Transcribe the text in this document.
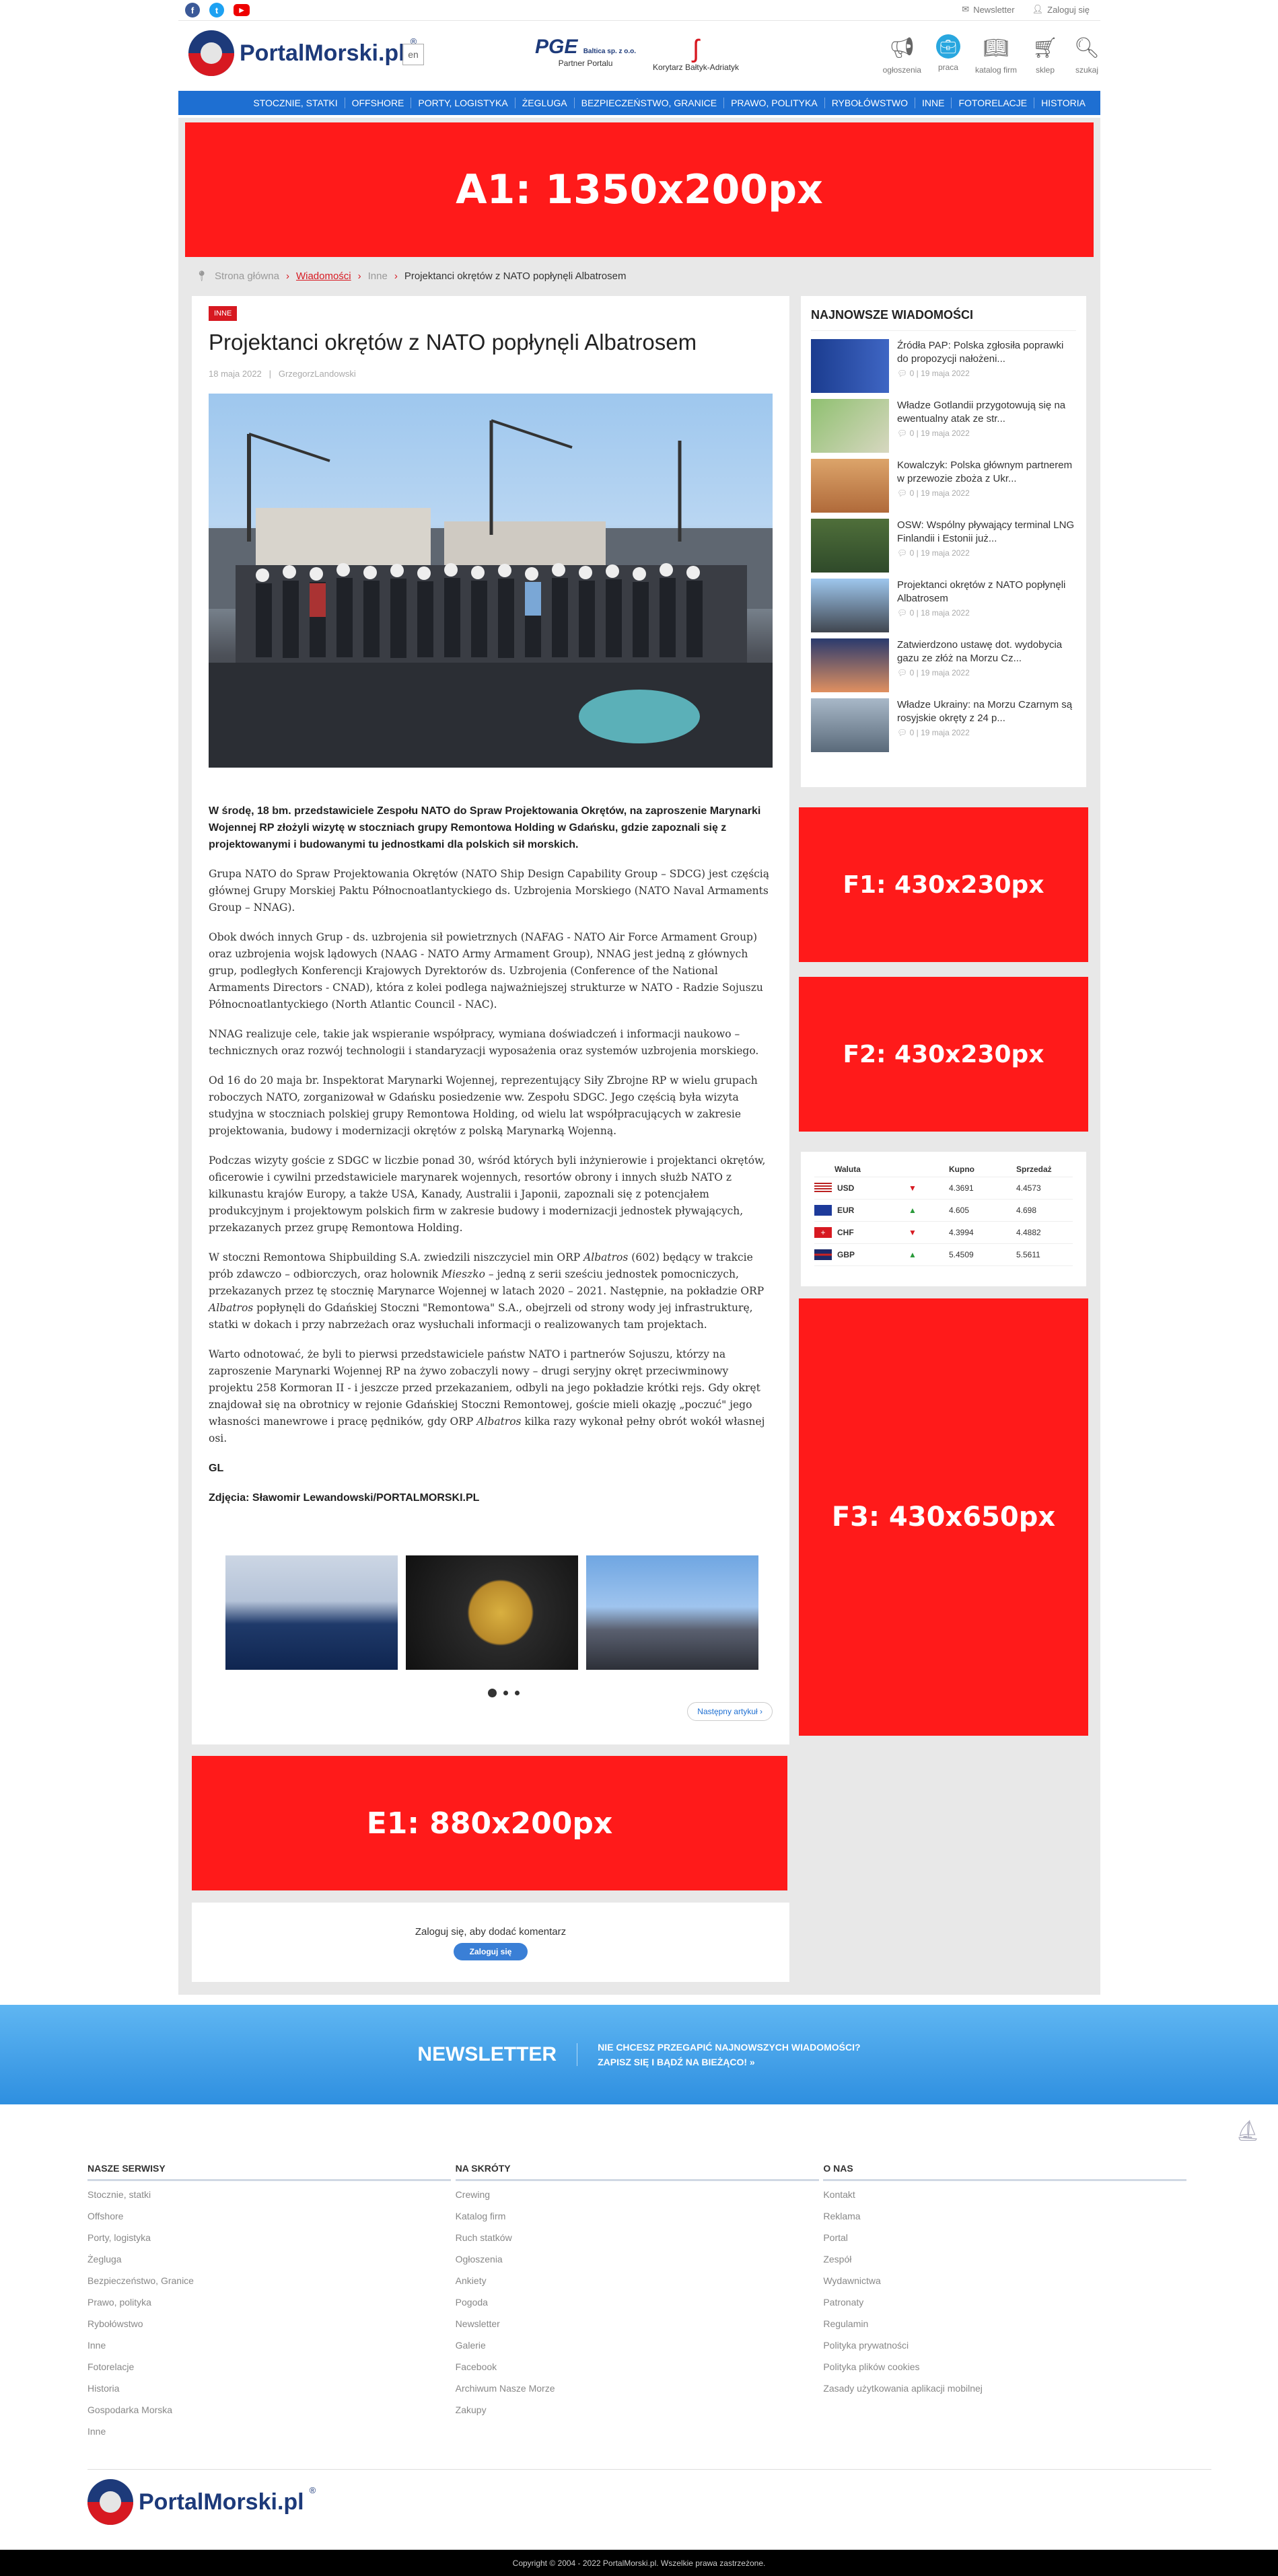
f	t	▶	✉ Newsletter 👤︎ Zaloguj się
PortalMorski.pl ®
en	PGE Baltica sp. z o.o.
Partner Portalu	ʃ
Korytarz Bałtyk-Adriatyk
📢︎
ogłoszenia
💼︎
praca
📖︎
katalog firm
🛒︎
sklep
🔍︎
szukaj
STOCZNIE, STATKI	OFFSHORE	PORTY, LOGISTYKA	ŻEGLUGA	BEZPIECZEŃSTWO, GRANICE	PRAWO, POLITYKA	RYBOŁÓWSTWO	INNE	FOTORELACJE	HISTORIA
A1: 1350x200px
📍︎ Strona główna › Wiadomości › Inne › Projektanci okrętów z NATO popłynęli Albatrosem
INNE
Projektanci okrętów z NATO popłynęli Albatrosem
18 maja 2022   |   GrzegorzLandowski

W środę, 18 bm. przedstawiciele Zespołu NATO do Spraw Projektowania Okrętów, na zaproszenie Marynarki Wojennej RP złożyli wizytę w stoczniach grupy Remontowa Holding w Gdańsku, gdzie zapoznali się z projektowanymi i budowanymi tu jednostkami dla polskich sił morskich.

Grupa NATO do Spraw Projektowania Okrętów (NATO Ship Design Capability Group – SDCG) jest częścią głównej Grupy Morskiej Paktu Północnoatlantyckiego ds. Uzbrojenia Morskiego (NATO Naval Armaments Group – NNAG).

Obok dwóch innych Grup - ds. uzbrojenia sił powietrznych (NAFAG - NATO Air Force Armament Group) oraz uzbrojenia wojsk lądowych (NAAG - NATO Army Armament Group), NNAG jest jedną z głównych grup, podległych Konferencji Krajowych Dyrektorów ds. Uzbrojenia (Conference of the National Armaments Directors - CNAD), która z kolei podlega najważniejszej strukturze w NATO - Radzie Sojuszu Północnoatlantyckiego (North Atlantic Council - NAC).

NNAG realizuje cele, takie jak wspieranie współpracy, wymiana doświadczeń i informacji naukowo – technicznych oraz rozwój technologii i standaryzacji wyposażenia oraz systemów uzbrojenia morskiego.

Od 16 do 20 maja br. Inspektorat Marynarki Wojennej, reprezentujący Siły Zbrojne RP w wielu grupach roboczych NATO, zorganizował w Gdańsku posiedzenie ww. Zespołu SDGC. Jego częścią była wizyta studyjna w stoczniach polskiej grupy Remontowa Holding, od wielu lat współpracujących w zakresie projektowania, budowy i modernizacji okrętów z polską Marynarką Wojenną.

Podczas wizyty goście z SDGC w liczbie ponad 30, wśród których byli inżynierowie i projektanci okrętów, oficerowie i cywilni przedstawiciele marynarek wojennych, resortów obrony i innych służb NATO z kilkunastu krajów Europy, a także USA, Kanady, Australii i Japonii, zapoznali się z potencjałem produkcyjnym i projektowym polskich firm w zakresie budowy i modernizacji jednostek pływających, przekazanych przez grupę Remontowa Holding.

W stoczni Remontowa Shipbuilding S.A. zwiedzili niszczyciel min ORP Albatros (602) będący w trakcie prób zdawczo – odbiorczych, oraz holownik Mieszko – jedną z serii sześciu jednostek pomocniczych, przekazanych przez tę stocznię Marynarce Wojennej w latach 2020 – 2021. Następnie, na pokładzie ORP Albatros popłynęli do Gdańskiej Stoczni "Remontowa" S.A., obejrzeli od strony wody jej infrastrukturę, statki w dokach i przy nabrzeżach oraz wysłuchali informacji o realizowanych tam projektach.

Warto odnotować, że byli to pierwsi przedstawiciele państw NATO i partnerów Sojuszu, którzy na zaproszenie Marynarki Wojennej RP na żywo zobaczyli nowy – drugi seryjny okręt przeciwminowy projektu 258 Kormoran II - i jeszcze przed przekazaniem, odbyli na jego pokładzie krótki rejs. Gdy okręt znajdował się na obrotnicy w rejonie Gdańskiej Stoczni Remontowej, goście mieli okazję „poczuć" jego własności manewrowe i pracę pędników, gdy ORP Albatros kilka razy wykonał pełny obrót wokół własnej osi.

GL

Zdjęcia: Sławomir Lewandowski/PORTALMORSKI.PL

Następny artykuł ›
NAJNOWSZE WIADOMOŚCI
Źródła PAP: Polska zgłosiła poprawki do propozycji nałożeni...
💬︎ 0 | 19 maja 2022
Władze Gotlandii przygotowują się na ewentualny atak ze str...
💬︎ 0 | 19 maja 2022
Kowalczyk: Polska głównym partnerem w przewozie zboża z Ukr...
💬︎ 0 | 19 maja 2022
OSW: Wspólny pływający terminal LNG Finlandii i Estonii już...
💬︎ 0 | 19 maja 2022
Projektanci okrętów z NATO popłynęli Albatrosem
💬︎ 0 | 18 maja 2022
Zatwierdzono ustawę dot. wydobycia gazu ze złóż na Morzu Cz...
💬︎ 0 | 19 maja 2022
Władze Ukrainy: na Morzu Czarnym są rosyjskie okręty z 24 p...
💬︎ 0 | 19 maja 2022
F1: 430x230px
F2: 430x230px
Waluta	Kupno	Sprzedaż
USD	▼	4.3691	4.4573
EUR	▲	4.605	4.698
+	CHF	▼	4.3994	4.4882
GBP	▲	5.4509	5.5611
F3: 430x650px
E1: 880x200px
Zaloguj się, aby dodać komentarz
Zaloguj się
NEWSLETTER	NIE CHCESZ PRZEGAPIĆ NAJNOWSZYCH WIADOMOŚCI?
ZAPISZ SIĘ I BĄDŹ NA BIEŻĄCO! »
⛵︎
NASZE SERWISY
Stocznie, statki
Offshore
Porty, logistyka
Żegluga
Bezpieczeństwo, Granice
Prawo, polityka
Rybołówstwo
Inne
Fotorelacje
Historia
Gospodarka Morska
Inne
NA SKRÓTY
Crewing
Katalog firm
Ruch statków
Ogłoszenia
Ankiety
Pogoda
Newsletter
Galerie
Facebook
Archiwum Nasze Morze
Zakupy
O NAS
Kontakt
Reklama
Portal
Zespół
Wydawnictwa
Patronaty
Regulamin
Polityka prywatności
Polityka plików cookies
Zasady użytkowania aplikacji mobilnej
PortalMorski.pl ®
Copyright © 2004 - 2022 PortalMorski.pl. Wszelkie prawa zastrzeżone.
